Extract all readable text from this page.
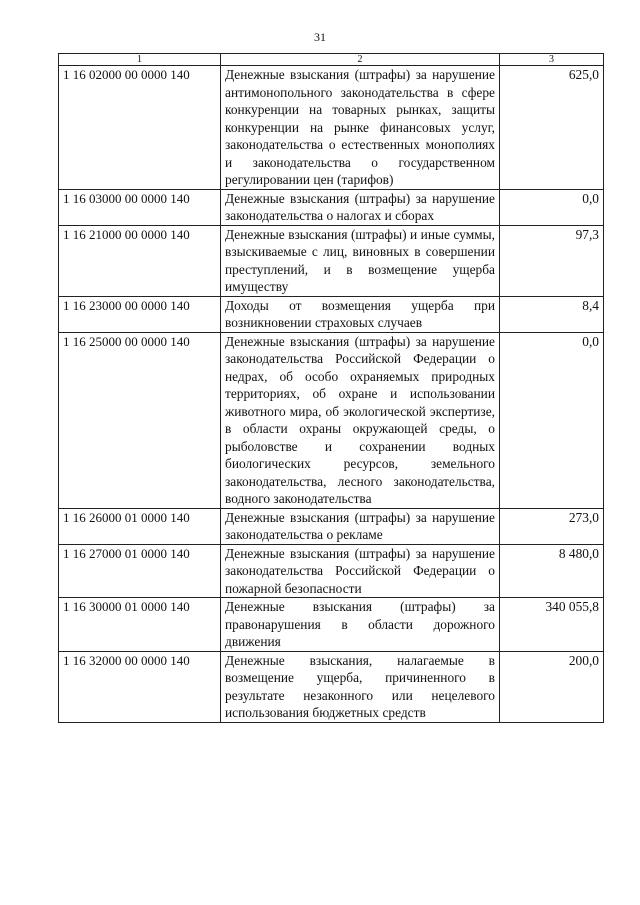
31
1	2	3
1 16 02000 00 0000 140	Денежные взыскания (штрафы) за нарушение антимонопольного законодательства в сфере конкуренции на товарных рынках, защиты конкуренции на рынке финансовых услуг, законодательства о естественных монополиях и законодательства о государственном регулировании цен (тарифов)	625,0
1 16 03000 00 0000 140	Денежные взыскания (штрафы) за нарушение законодательства о налогах и сборах	0,0
1 16 21000 00 0000 140	Денежные взыскания (штрафы) и иные суммы, взыскиваемые с лиц, виновных в совершении преступлений, и в возмещение ущерба имуществу	97,3
1 16 23000 00 0000 140	Доходы от возмещения ущерба при возникновении страховых случаев	8,4
1 16 25000 00 0000 140	Денежные взыскания (штрафы) за нарушение законодательства Российской Федерации о недрах, об особо охраняемых природных территориях, об охране и использовании животного мира, об экологической экспертизе, в области охраны окружающей среды, о рыболовстве и сохранении водных биологических ресурсов, земельного законодательства, лесного законодательства, водного законодательства	0,0
1 16 26000 01 0000 140	Денежные взыскания (штрафы) за нарушение законодательства о рекламе	273,0
1 16 27000 01 0000 140	Денежные взыскания (штрафы) за нарушение законодательства Российской Федерации о пожарной безопасности	8 480,0
1 16 30000 01 0000 140	Денежные взыскания (штрафы) за правонарушения в области дорожного движения	340 055,8
1 16 32000 00 0000 140	Денежные взыскания, налагаемые в возмещение ущерба, причиненного в результате незаконного или нецелевого использования бюджетных средств	200,0
